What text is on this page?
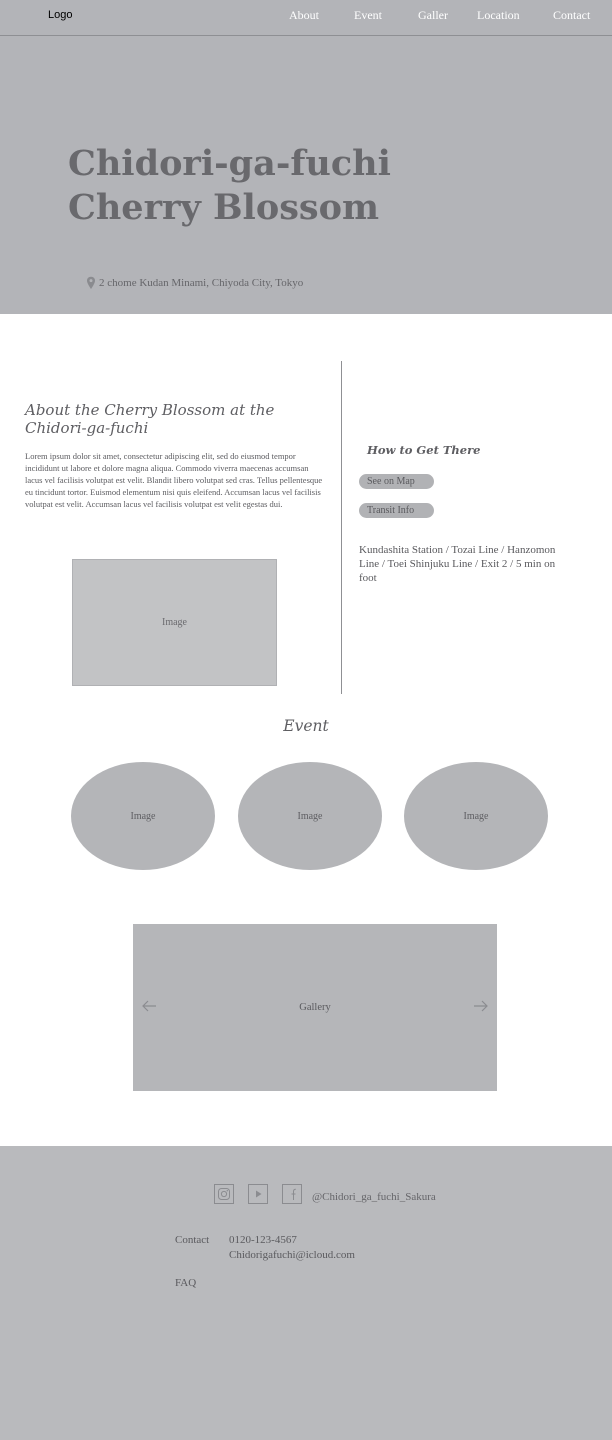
Logo	About	Event	Galler Location	Contact
Chidori-ga-fuchi
Cherry Blossom
2 chome Kudan Minami, Chiyoda City, Tokyo
About the Cherry Blossom at the Chidori-ga-fuchi
Lorem ipsum dolor sit amet, consectetur adipiscing elit, sed do eiusmod tempor incididunt ut labore et dolore magna aliqua. Commodo viverra maecenas accumsan lacus vel facilisis volutpat est velit. Blandit libero volutpat sed cras. Tellus pellentesque eu tincidunt tortor. Euismod elementum nisi quis eleifend. Accumsan lacus vel facilisis volutpat est velit. Accumsan lacus vel facilisis volutpat est velit egestas dui.
Image
How to Get There
See on Map
Transit Info
Kundashita Station / Tozai Line / Hanzomon Line / Toei Shinjuku Line / Exit 2 / 5 min on foot
Event
Image	Image	Image
Gallery
@Chidori_ga_fuchi_Sakura
Contact 0120-123-4567
Chidorigafuchi@icloud.com
FAQ
